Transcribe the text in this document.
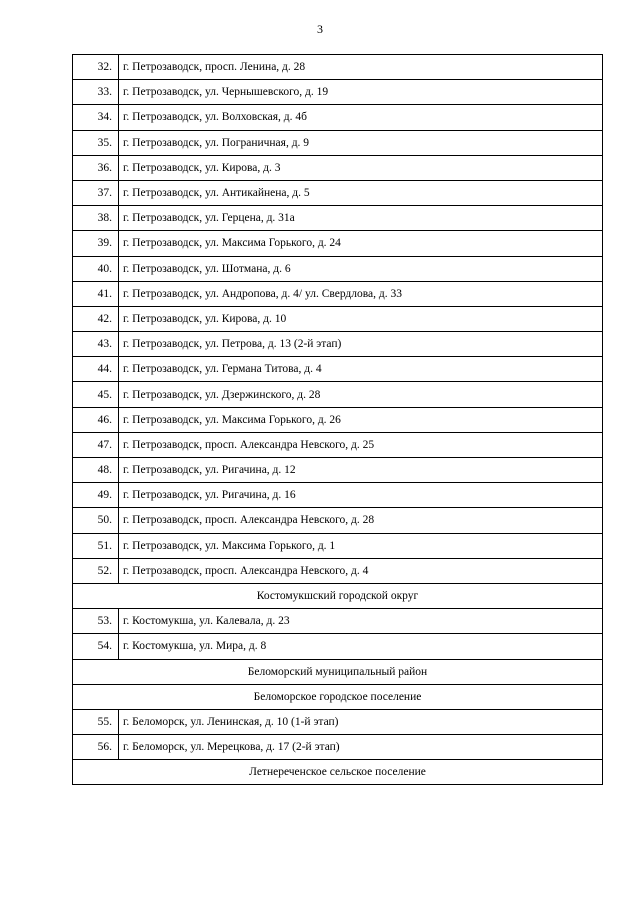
3
32.	г. Петрозаводск, просп. Ленина, д. 28
33.	г. Петрозаводск, ул. Чернышевского, д. 19
34.	г. Петрозаводск, ул. Волховская, д. 4б
35.	г. Петрозаводск, ул. Пограничная, д. 9
36.	г. Петрозаводск, ул. Кирова, д. 3
37.	г. Петрозаводск, ул. Антикайнена, д. 5
38.	г. Петрозаводск, ул. Герцена, д. 31а
39.	г. Петрозаводск, ул. Максима Горького, д. 24
40.	г. Петрозаводск, ул. Шотмана, д. 6
41.	г. Петрозаводск, ул. Андропова, д. 4/ ул. Свердлова, д. 33
42.	г. Петрозаводск, ул. Кирова, д. 10
43.	г. Петрозаводск, ул. Петрова, д. 13 (2-й этап)
44.	г. Петрозаводск, ул. Германа Титова, д. 4
45.	г. Петрозаводск, ул. Дзержинского, д. 28
46.	г. Петрозаводск, ул. Максима Горького, д. 26
47.	г. Петрозаводск, просп. Александра Невского, д. 25
48.	г. Петрозаводск, ул. Ригачина, д. 12
49.	г. Петрозаводск, ул. Ригачина, д. 16
50.	г. Петрозаводск, просп. Александра Невского, д. 28
51.	г. Петрозаводск, ул. Максима Горького, д. 1
52.	г. Петрозаводск, просп. Александра Невского, д. 4
Костомукшский городской округ	
53.	г. Костомукша, ул. Калевала, д. 23
54.	г. Костомукша, ул. Мира, д. 8
Беломорский муниципальный район	
Беломорское городское поселение	
55.	г. Беломорск, ул. Ленинская, д. 10 (1-й этап)
56.	г. Беломорск, ул. Мерецкова, д. 17 (2-й этап)
Летнереченское сельское поселение	
